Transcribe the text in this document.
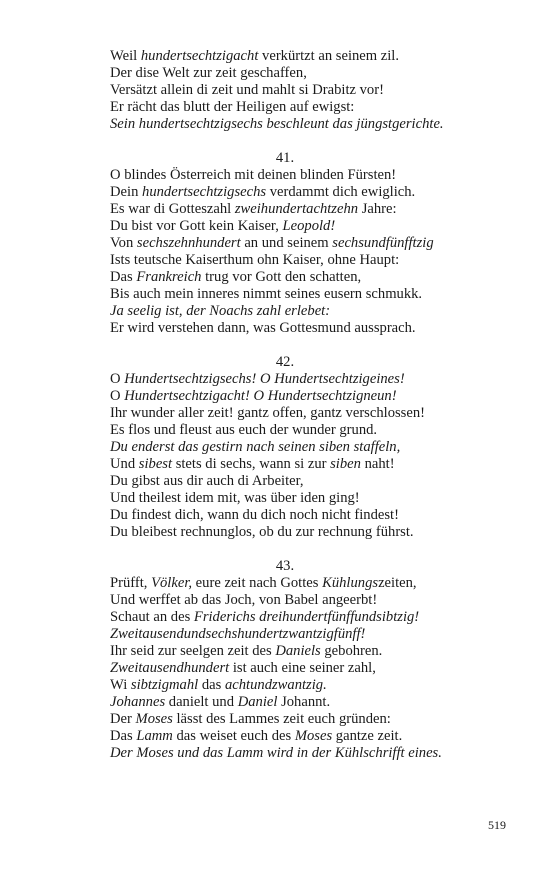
Weil hundertsechtzigacht verkürtzt an seinem zil.
Der dise Welt zur zeit geschaffen,
Versätzt allein di zeit und mahlt si Drabitz vor!
Er rächt das blutt der Heiligen auf ewigst:
Sein hundertsechtzigsechs beschleunt das jüngstgerichte.
41.
O blindes Österreich mit deinen blinden Fürsten!
Dein hundertsechtzigsechs verdammt dich ewiglich.
Es war di Gotteszahl zweihundertachtzehn Jahre:
Du bist vor Gott kein Kaiser, Leopold!
Von sechszehnhundert an und seinem sechsundfünfftzig
Ists teutsche Kaiserthum ohn Kaiser, ohne Haupt:
Das Frankreich trug vor Gott den schatten,
Bis auch mein inneres nimmt seines eusern schmukk.
Ja seelig ist, der Noachs zahl erlebet:
Er wird verstehen dann, was Gottesmund aussprach.
42.
O Hundertsechtzigsechs! O Hundertsechtzigeines!
O Hundertsechtzigacht! O Hundertsechtzigneun!
Ihr wunder aller zeit! gantz offen, gantz verschlossen!
Es flos und fleust aus euch der wunder grund.
Du enderst das gestirn nach seinen siben staffeln,
Und sibest stets di sechs, wann si zur siben naht!
Du gibst aus dir auch di Arbeiter,
Und theilest idem mit, was über iden ging!
Du findest dich, wann du dich noch nicht findest!
Du bleibest rechnunglos, ob du zur rechnung führst.
43.
Prüfft, Völker, eure zeit nach Gottes Kühlungszeiten,
Und werffet ab das Joch, von Babel angeerbt!
Schaut an des Friderichs dreihundertfünffundsibtzig!
Zweitausendundsechshundertzwantzigfünff!
Ihr seid zur seelgen zeit des Daniels gebohren.
Zweitausendhundert ist auch eine seiner zahl,
Wi sibtzigmahl das achtundzwantzig.
Johannes danielt und Daniel Johannt.
Der Moses lässt des Lammes zeit euch gründen:
Das Lamm das weiset euch des Moses gantze zeit.
Der Moses und das Lamm wird in der Kühlschrifft eines.
519
